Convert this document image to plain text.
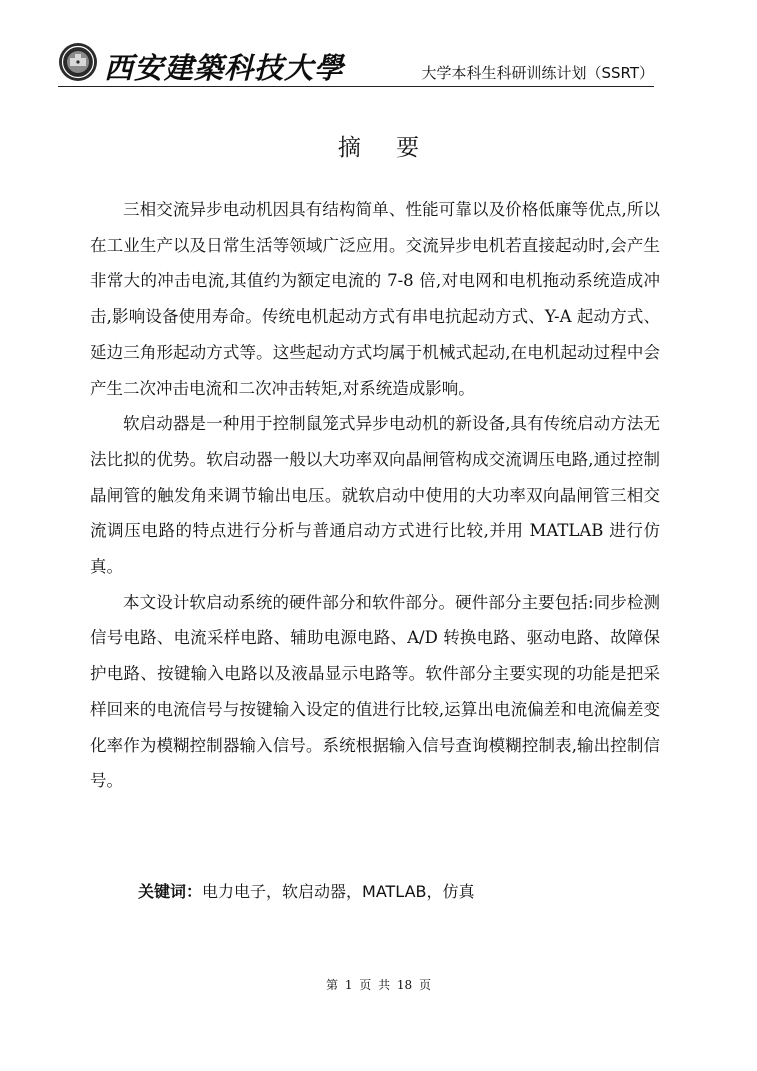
西安建築科技大學	大学本科生科研训练计划（SSRT）
摘 要

三相交流异步电动机因具有结构简单、性能可靠以及价格低廉等优点,所以在工业生产以及日常生活等领域广泛应用。交流异步电机若直接起动时,会产生非常大的冲击电流,其值约为额定电流的 7-8 倍,对电网和电机拖动系统造成冲击,影响设备使用寿命。传统电机起动方式有串电抗起动方式、Y-A 起动方式、延边三角形起动方式等。这些起动方式均属于机械式起动,在电机起动过程中会产生二次冲击电流和二次冲击转矩,对系统造成影响。

软启动器是一种用于控制鼠笼式异步电动机的新设备,具有传统启动方法无法比拟的优势。软启动器一般以大功率双向晶闸管构成交流调压电路,通过控制晶闸管的触发角来调节输出电压。就软启动中使用的大功率双向晶闸管三相交流调压电路的特点进行分析与普通启动方式进行比较,并用 MATLAB 进行仿真。

本文设计软启动系统的硬件部分和软件部分。硬件部分主要包括:同步检测信号电路、电流采样电路、辅助电源电路、A/D 转换电路、驱动电路、故障保护电路、按键输入电路以及液晶显示电路等。软件部分主要实现的功能是把采样回来的电流信号与按键输入设定的值进行比较,运算出电流偏差和电流偏差变化率作为模糊控制器输入信号。系统根据输入信号查询模糊控制表,输出控制信号。

关键词：电力电子，软启动器，MATLAB，仿真
第 1 页 共 18 页
